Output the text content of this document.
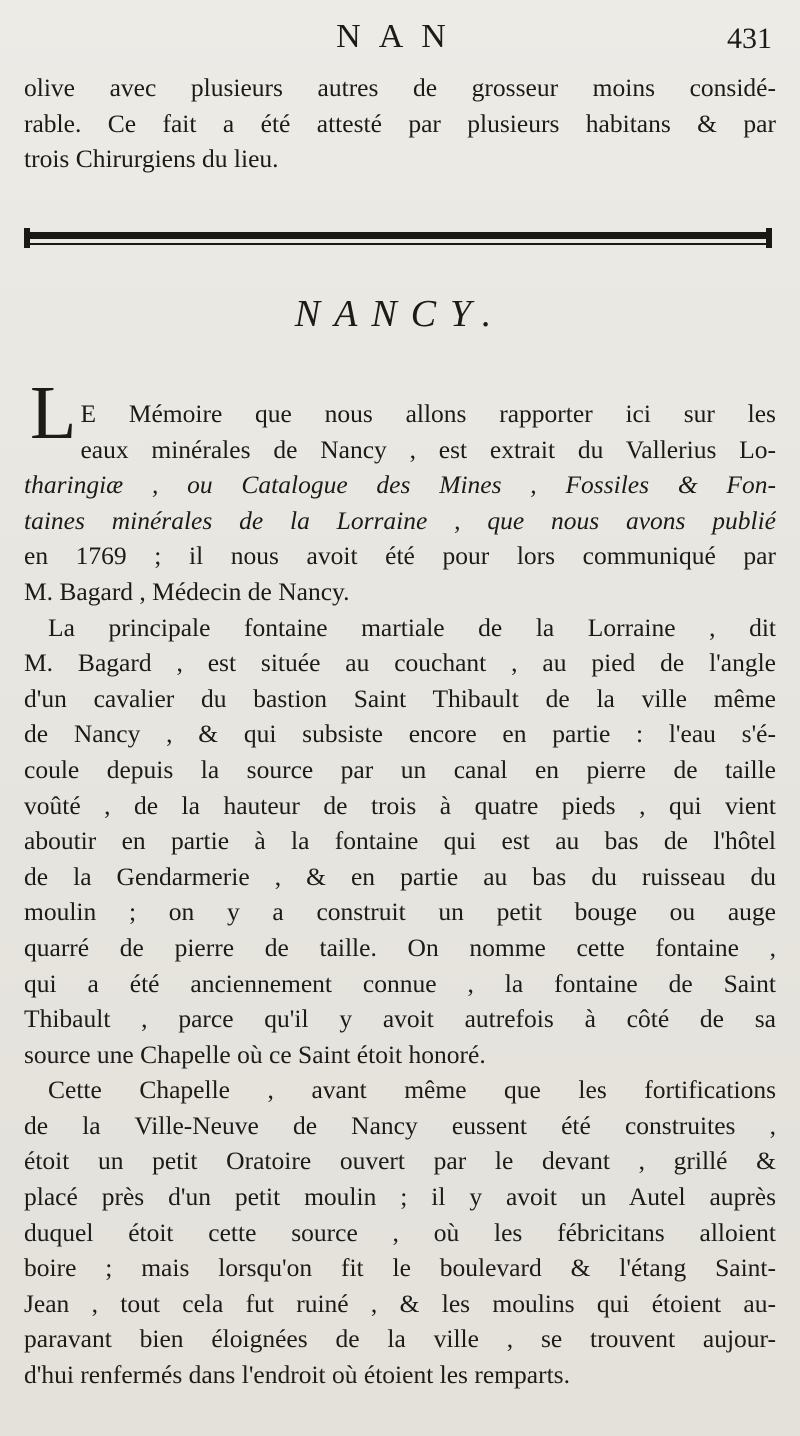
NAN	431
olive avec plusieurs autres de grosseur moins considé-
rable. Ce fait a été attesté par plusieurs habitans & par
trois Chirurgiens du lieu.
NANCY.
L E Mémoire que nous allons rapporter ici sur les
eaux minérales de Nancy , est extrait du Vallerius Lo-
tharingiæ , ou Catalogue des Mines , Fossiles & Fon-
taines minérales de la Lorraine , que nous avons publié
en 1769 ; il nous avoit été pour lors communiqué par
M. Bagard , Médecin de Nancy.
La principale fontaine martiale de la Lorraine , dit
M. Bagard , est située au couchant , au pied de l'angle
d'un cavalier du bastion Saint Thibault de la ville même
de Nancy , & qui subsiste encore en partie : l'eau s'é-
coule depuis la source par un canal en pierre de taille
voûté , de la hauteur de trois à quatre pieds , qui vient
aboutir en partie à la fontaine qui est au bas de l'hôtel
de la Gendarmerie , & en partie au bas du ruisseau du
moulin ; on y a construit un petit bouge ou auge
quarré de pierre de taille. On nomme cette fontaine ,
qui a été anciennement connue , la fontaine de Saint
Thibault , parce qu'il y avoit autrefois à côté de sa
source une Chapelle où ce Saint étoit honoré.
Cette Chapelle , avant même que les fortifications
de la Ville-Neuve de Nancy eussent été construites ,
étoit un petit Oratoire ouvert par le devant , grillé &
placé près d'un petit moulin ; il y avoit un Autel auprès
duquel étoit cette source , où les fébricitans alloient
boire ; mais lorsqu'on fit le boulevard & l'étang Saint-
Jean , tout cela fut ruiné , & les moulins qui étoient au-
paravant bien éloignées de la ville , se trouvent aujour-
d'hui renfermés dans l'endroit où étoient les remparts.
